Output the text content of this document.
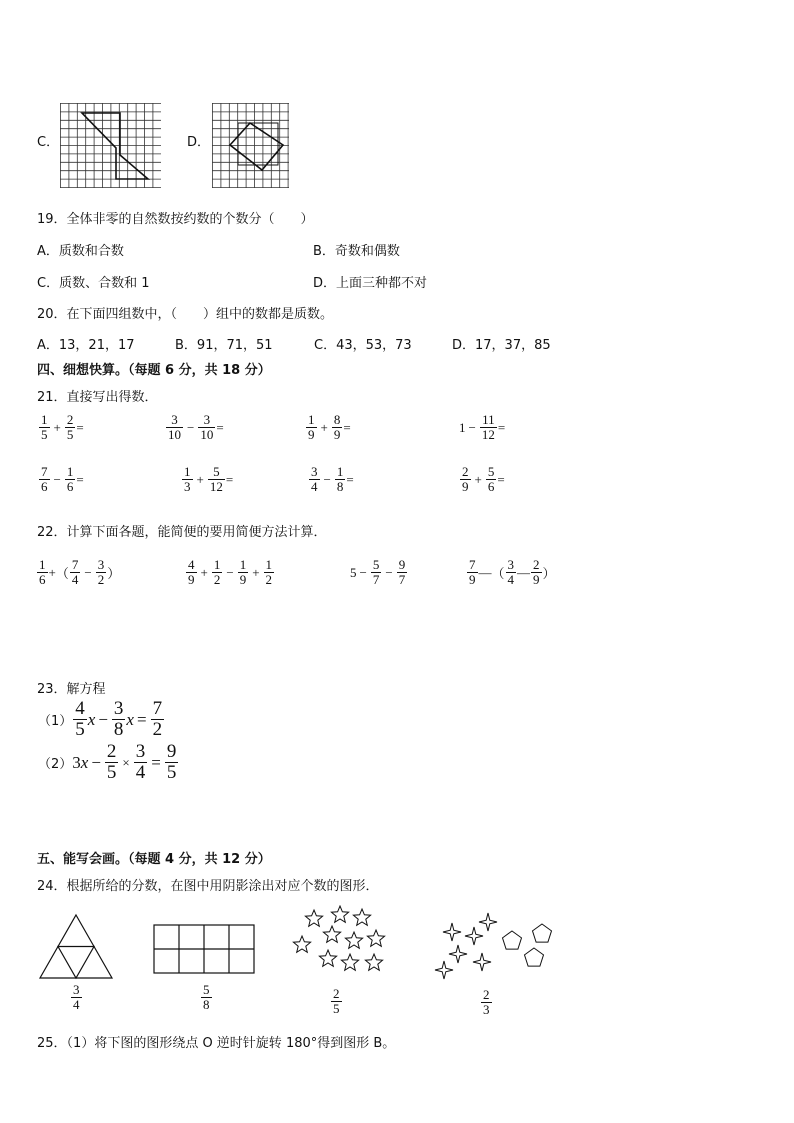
C．	D．
19．全体非零的自然数按约数的个数分（　　）
A．质数和合数	B．奇数和偶数
C．质数、合数和 1	D．上面三种都不对
20．在下面四组数中，（　　）组中的数都是质数。
A．13，21，17	B．91，71，51	C．43，53，73	D．17，37，85
四、细想快算。（每题 6 分，共 18 分）
21．直接写出得数．
$\frac{1}{5} + \frac{2}{5}$ =	$\frac{3}{10} - \frac{3}{10}$ =	$\frac{1}{9} + \frac{8}{9}$ =	$1 - \frac{11}{12}$ =
$\frac{7}{6} - \frac{1}{6}$ =	$\frac{1}{3} + \frac{5}{12}$ =	$\frac{3}{4} - \frac{1}{8}$ =	$\frac{2}{9} + \frac{5}{6}$ =
22．计算下面各题，能简便的要用简便方法计算．
$\frac{1}{6}$ + （ $\frac{7}{4} - \frac{3}{2}$ ）	$\frac{4}{9} + \frac{1}{2} - \frac{1}{9} + \frac{1}{2}$	$5 - \frac{5}{7} - \frac{9}{7}$	$\frac{7}{9}$ — （ $\frac{3}{4}$ — $\frac{2}{9}$ ）
23．解方程
$(1) \frac{4}{5}$ $x - \frac{3}{8}$ $x = \frac{7}{2}$
（2） 3 $x - \frac{2}{5} \times \frac{3}{4} = \frac{9}{5}$
五、能写会画。（每题 4 分，共 12 分）
24．根据所给的分数，在图中用阴影涂出对应个数的图形．
$\frac{3}{4}$	$\frac{5}{8}$	$\frac{2}{5}$	$\frac{2}{3}$
25．（1）将下图的图形绕点 O 逆时针旋转 180°得到图形 B。
